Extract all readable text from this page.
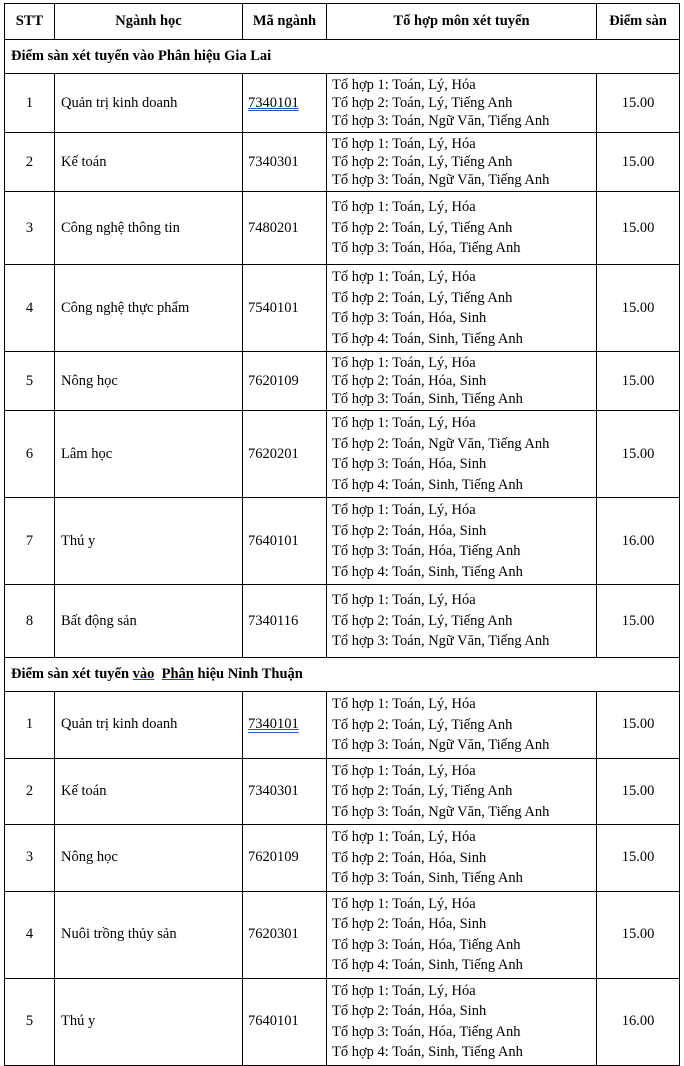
STT	Ngành học	Mã ngành	Tổ hợp môn xét tuyển	Điểm sàn
Điểm sàn xét tuyển vào Phân hiệu Gia Lai				
1	Quản trị kinh doanh	7340101	Tổ hợp 1: Toán, Lý, Hóa
Tổ hợp 2: Toán, Lý, Tiếng Anh
Tổ hợp 3: Toán, Ngữ Văn, Tiếng Anh	15.00
2	Kế toán	7340301	Tổ hợp 1: Toán, Lý, Hóa
Tổ hợp 2: Toán, Lý, Tiếng Anh
Tổ hợp 3: Toán, Ngữ Văn, Tiếng Anh	15.00
3	Công nghệ thông tin	7480201	Tổ hợp 1: Toán, Lý, Hóa
Tổ hợp 2: Toán, Lý, Tiếng Anh
Tổ hợp 3: Toán, Hóa, Tiếng Anh	15.00
4	Công nghệ thực phẩm	7540101	Tổ hợp 1: Toán, Lý, Hóa
Tổ hợp 2: Toán, Lý, Tiếng Anh
Tổ hợp 3: Toán, Hóa, Sinh
Tổ hợp 4: Toán, Sinh, Tiếng Anh	15.00
5	Nông học	7620109	Tổ hợp 1: Toán, Lý, Hóa
Tổ hợp 2: Toán, Hóa, Sinh
Tổ hợp 3: Toán, Sinh, Tiếng Anh	15.00
6	Lâm học	7620201	Tổ hợp 1: Toán, Lý, Hóa
Tổ hợp 2: Toán, Ngữ Văn, Tiếng Anh
Tổ hợp 3: Toán, Hóa, Sinh
Tổ hợp 4: Toán, Sinh, Tiếng Anh	15.00
7	Thú y	7640101	Tổ hợp 1: Toán, Lý, Hóa
Tổ hợp 2: Toán, Hóa, Sinh
Tổ hợp 3: Toán, Hóa, Tiếng Anh
Tổ hợp 4: Toán, Sinh, Tiếng Anh	16.00
8	Bất động sản	7340116	Tổ hợp 1: Toán, Lý, Hóa
Tổ hợp 2: Toán, Lý, Tiếng Anh
Tổ hợp 3: Toán, Ngữ Văn, Tiếng Anh	15.00
Điểm sàn xét tuyển vào Phân hiệu Ninh Thuận				
1	Quản trị kinh doanh	7340101	Tổ hợp 1: Toán, Lý, Hóa
Tổ hợp 2: Toán, Lý, Tiếng Anh
Tổ hợp 3: Toán, Ngữ Văn, Tiếng Anh	15.00
2	Kế toán	7340301	Tổ hợp 1: Toán, Lý, Hóa
Tổ hợp 2: Toán, Lý, Tiếng Anh
Tổ hợp 3: Toán, Ngữ Văn, Tiếng Anh	15.00
3	Nông học	7620109	Tổ hợp 1: Toán, Lý, Hóa
Tổ hợp 2: Toán, Hóa, Sinh
Tổ hợp 3: Toán, Sinh, Tiếng Anh	15.00
4	Nuôi trồng thủy sản	7620301	Tổ hợp 1: Toán, Lý, Hóa
Tổ hợp 2: Toán, Hóa, Sinh
Tổ hợp 3: Toán, Hóa, Tiếng Anh
Tổ hợp 4: Toán, Sinh, Tiếng Anh	15.00
5	Thú y	7640101	Tổ hợp 1: Toán, Lý, Hóa
Tổ hợp 2: Toán, Hóa, Sinh
Tổ hợp 3: Toán, Hóa, Tiếng Anh
Tổ hợp 4: Toán, Sinh, Tiếng Anh	16.00
